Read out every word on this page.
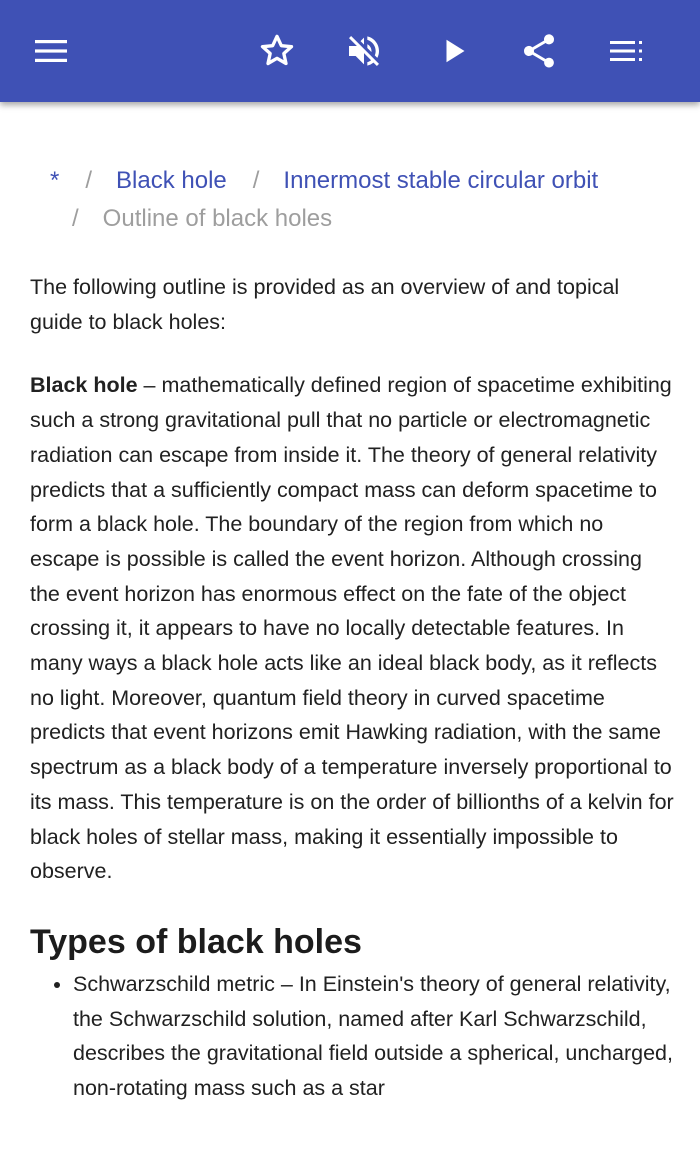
* / Black hole / Innermost stable circular orbit
/ Outline of black holes

The following outline is provided as an overview of and topical guide to black holes:

Black hole – mathematically defined region of spacetime exhibiting such a strong gravitational pull that no particle or electromagnetic radiation can escape from inside it. The theory of general relativity predicts that a sufficiently compact mass can deform spacetime to form a black hole. The boundary of the region from which no escape is possible is called the event horizon. Although crossing the event horizon has enormous effect on the fate of the object crossing it, it appears to have no locally detectable features. In many ways a black hole acts like an ideal black body, as it reflects no light. Moreover, quantum field theory in curved spacetime predicts that event horizons emit Hawking radiation, with the same spectrum as a black body of a temperature inversely proportional to its mass. This temperature is on the order of billionths of a kelvin for black holes of stellar mass, making it essentially impossible to observe.

Types of black holes
• Schwarzschild metric – In Einstein's theory of general relativity, the Schwarzschild solution, named after Karl Schwarzschild, describes the gravitational field outside a spherical, uncharged, non-rotating mass such as a star
